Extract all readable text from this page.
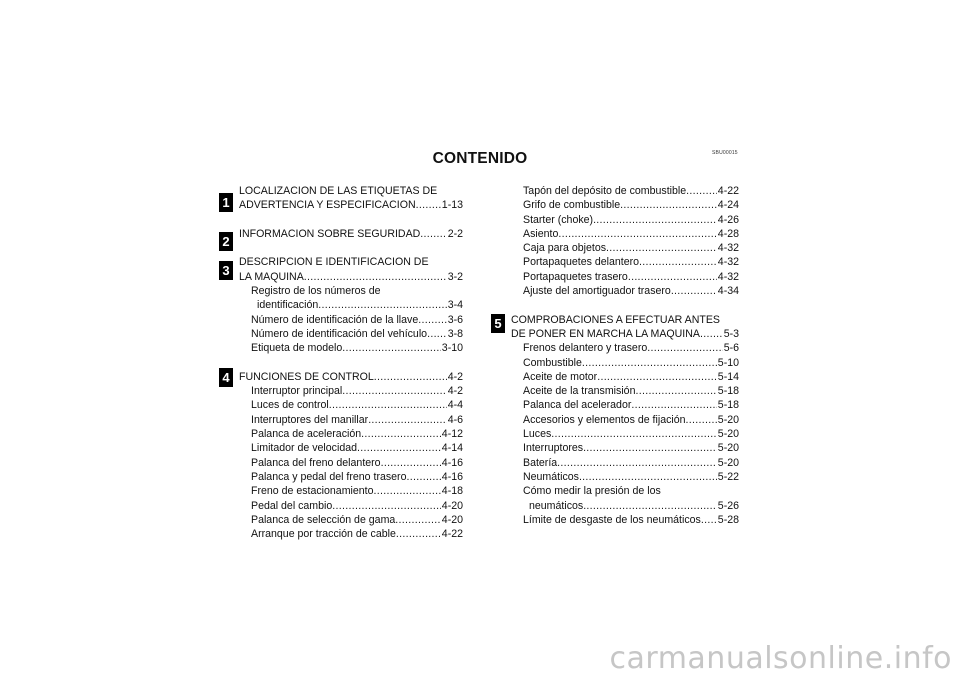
SBU00015
CONTENIDO
1
2
3
4
5
LOCALIZACION DE LAS ETIQUETAS DE
ADVERTENCIA Y ESPECIFICACION ..... 1-13
INFORMACION SOBRE SEGURIDAD .....	2-2
DESCRIPCION E IDENTIFICACION DE
LA MAQUINA .....	3-2
Registro de los números de
identificación .....	3-4
Número de identificación de la llave .....	3-6
Número de identificación del vehículo ..... 3-8
Etiqueta de modelo .....	3-10
FUNCIONES DE CONTROL .....	4-2
Interruptor principal .....	4-2
Luces de control .....	4-4
Interruptores del manillar .....	4-6
Palanca de aceleración .....	4-12
Limitador de velocidad .....	4-14
Palanca del freno delantero .....	4-16
Palanca y pedal del freno trasero .....	4-16
Freno de estacionamiento .....	4-18
Pedal del cambio .....	4-20
Palanca de selección de gama .....	4-20
Arranque por tracción de cable .....	4-22
Tapón del depósito de combustible .....	4-22
Grifo de combustible .....	4-24
Starter (choke) .....	4-26
Asiento .....	4-28
Caja para objetos .....	4-32
Portapaquetes delantero .....	4-32
Portapaquetes trasero .....	4-32
Ajuste del amortiguador trasero .....	4-34
COMPROBACIONES A EFECTUAR ANTES
DE PONER EN MARCHA LA MAQUINA ..... 5-3
Frenos delantero y trasero .....	5-6
Combustible .....	5-10
Aceite de motor .....	5-14
Aceite de la transmisión .....	5-18
Palanca del acelerador .....	5-18
Accesorios y elementos de fijación .....	5-20
Luces .....	5-20
Interruptores .....	5-20
Batería .....	5-20
Neumáticos .....	5-22
Cómo medir la presión de los
neumáticos .....	5-26
Límite de desgaste de los neumáticos ..... 5-28
carmanualsonline.info
